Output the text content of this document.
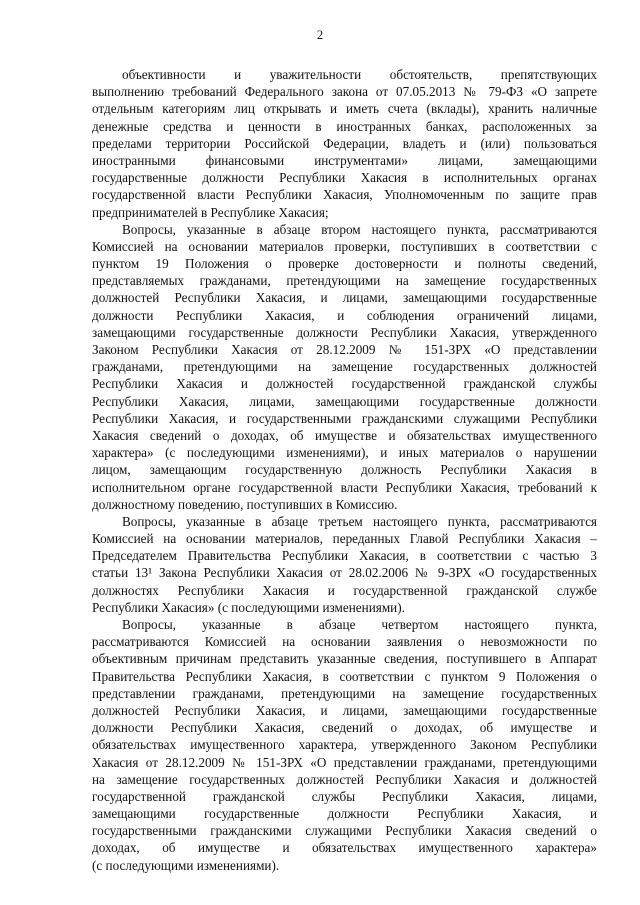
2
объективности и уважительности обстоятельств, препятствующих
выполнению требований Федерального закона от 07.05.2013 № 79-ФЗ «О запрете
отдельным категориям лиц открывать и иметь счета (вклады), хранить наличные
денежные средства и ценности в иностранных банках, расположенных за
пределами территории Российской Федерации, владеть и (или) пользоваться
иностранными финансовыми инструментами» лицами, замещающими
государственные должности Республики Хакасия в исполнительных органах
государственной власти Республики Хакасия, Уполномоченным по защите прав
предпринимателей в Республике Хакасия;
Вопросы, указанные в абзаце втором настоящего пункта, рассматриваются
Комиссией на основании материалов проверки, поступивших в соответствии с
пунктом 19 Положения о проверке достоверности и полноты сведений,
представляемых гражданами, претендующими на замещение государственных
должностей Республики Хакасия, и лицами, замещающими государственные
должности Республики Хакасия, и соблюдения ограничений лицами,
замещающими государственные должности Республики Хакасия, утвержденного
Законом Республики Хакасия от 28.12.2009 № 151-ЗРХ «О представлении
гражданами, претендующими на замещение государственных должностей
Республики Хакасия и должностей государственной гражданской службы
Республики Хакасия, лицами, замещающими государственные должности
Республики Хакасия, и государственными гражданскими служащими Республики
Хакасия сведений о доходах, об имуществе и обязательствах имущественного
характера» (с последующими изменениями), и иных материалов о нарушении
лицом, замещающим государственную должность Республики Хакасия в
исполнительном органе государственной власти Республики Хакасия, требований к
должностному поведению, поступивших в Комиссию.
Вопросы, указанные в абзаце третьем настоящего пункта, рассматриваются
Комиссией на основании материалов, переданных Главой Республики Хакасия –
Председателем Правительства Республики Хакасия, в соответствии с частью 3
статьи 13¹ Закона Республики Хакасия от 28.02.2006 № 9-ЗРХ «О государственных
должностях Республики Хакасия и государственной гражданской службе
Республики Хакасия» (с последующими изменениями).
Вопросы, указанные в абзаце четвертом настоящего пункта,
рассматриваются Комиссией на основании заявления о невозможности по
объективным причинам представить указанные сведения, поступившего в Аппарат
Правительства Республики Хакасия, в соответствии с пунктом 9 Положения о
представлении гражданами, претендующими на замещение государственных
должностей Республики Хакасия, и лицами, замещающими государственные
должности Республики Хакасия, сведений о доходах, об имуществе и
обязательствах имущественного характера, утвержденного Законом Республики
Хакасия от 28.12.2009 № 151-ЗРХ «О представлении гражданами, претендующими
на замещение государственных должностей Республики Хакасия и должностей
государственной гражданской службы Республики Хакасия, лицами,
замещающими государственные должности Республики Хакасия, и
государственными гражданскими служащими Республики Хакасия сведений о
доходах, об имуществе и обязательствах имущественного характера»
(с последующими изменениями).
